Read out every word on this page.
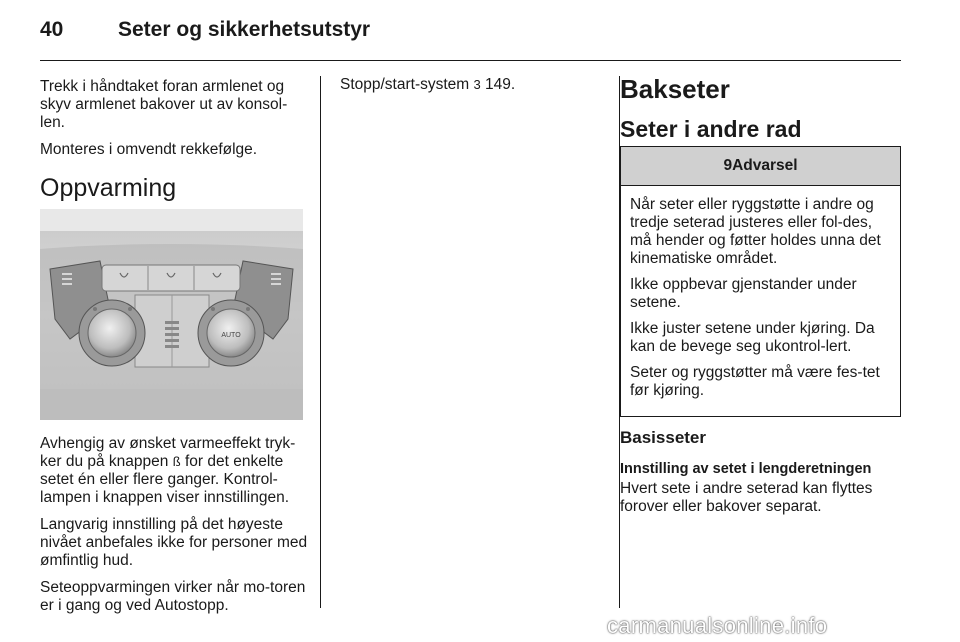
40	Seter og sikkerhetsutstyr

Trekk i håndtaket foran armlenet og skyv armlenet bakover ut av konsol-len.

Monteres i omvendt rekkefølge.

Oppvarming
AUTO

Avhengig av ønsket varmeeffekt tryk-ker du på knappen ß for det enkelte setet én eller flere ganger. Kontrol-lampen i knappen viser innstillingen.

Langvarig innstilling på det høyeste nivået anbefales ikke for personer med ømfintlig hud.

Seteoppvarmingen virker når mo-toren er i gang og ved Autostopp.

Stopp/start-system 3 149.	Bakseter
Seter i andre rad
9 Advarsel

Når seter eller ryggstøtte i andre og tredje seterad justeres eller fol-des, må hender og føtter holdes unna det kinematiske området.

Ikke oppbevar gjenstander under setene.

Ikke juster setene under kjøring. Da kan de bevege seg ukontrol-lert.

Seter og ryggstøtter må være fes-tet før kjøring.

Basisseter
Innstilling av setet i lengderetningen
Hvert sete i andre seterad kan flyttes forover eller bakover separat.
carmanualsonline.info
